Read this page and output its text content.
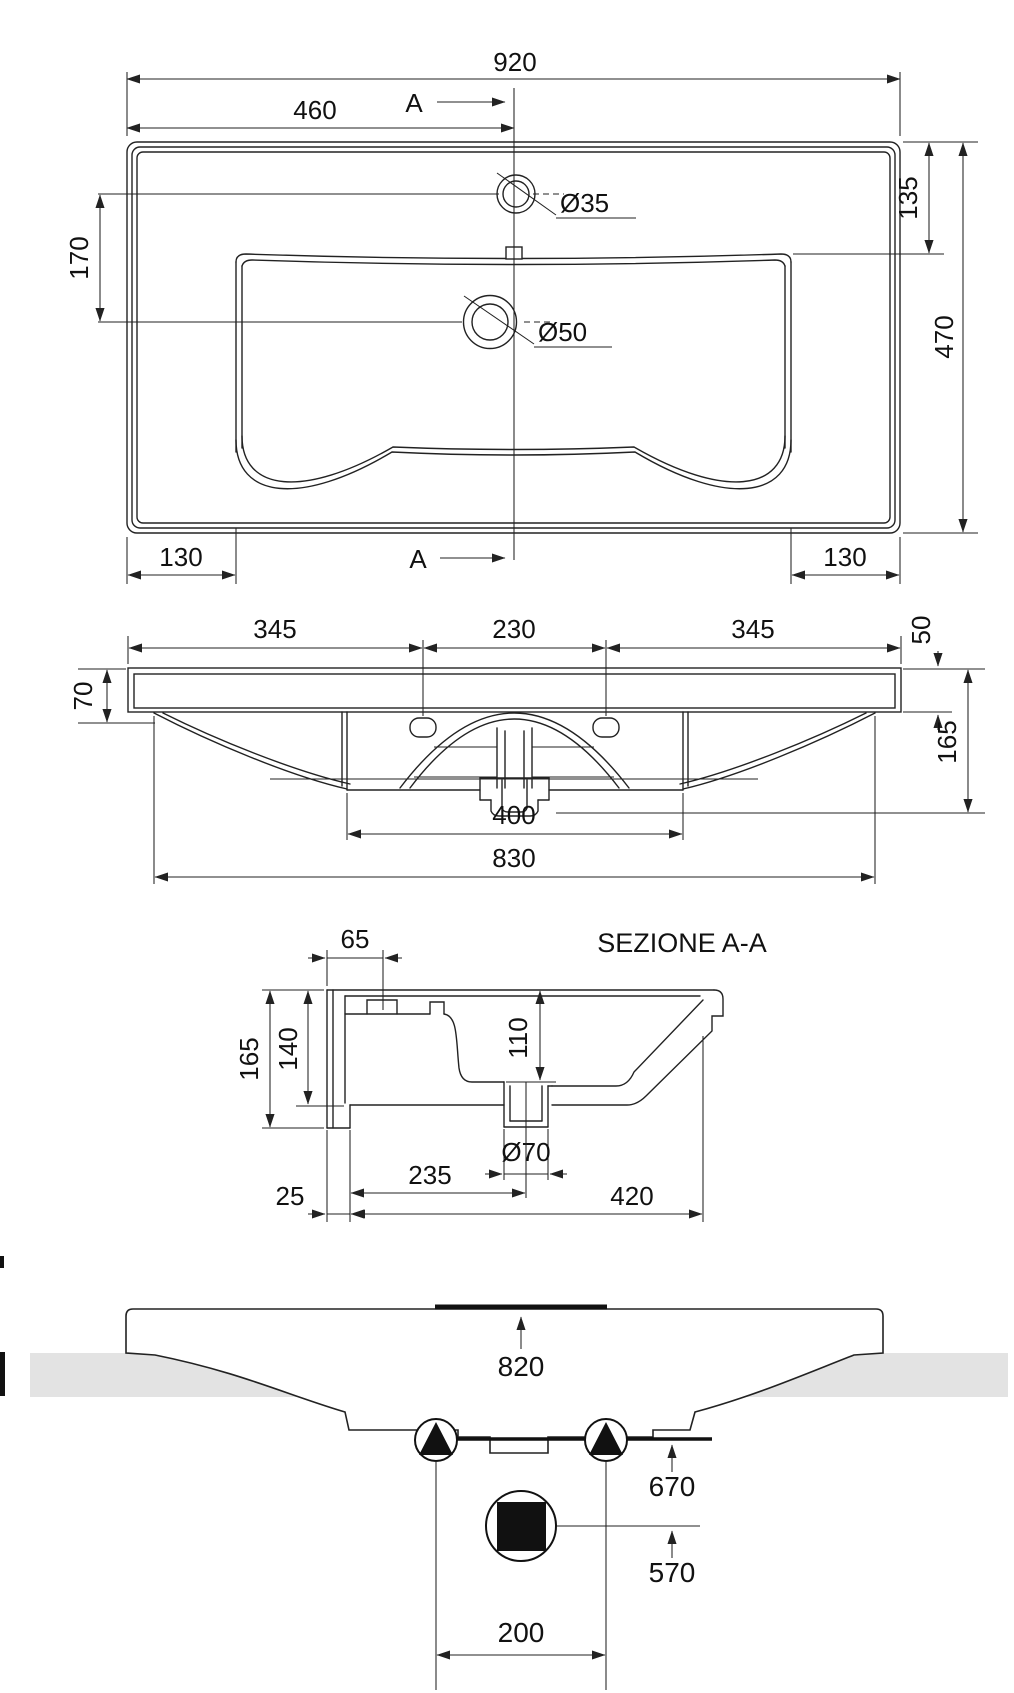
920
460	A
Ø35	135
470
170
Ø50
A
130	130
345	230	345	50
70
165
400
830
SEZIONE A-A
65
165 140	110
Ø70
235
25	420
820
670
570
200
